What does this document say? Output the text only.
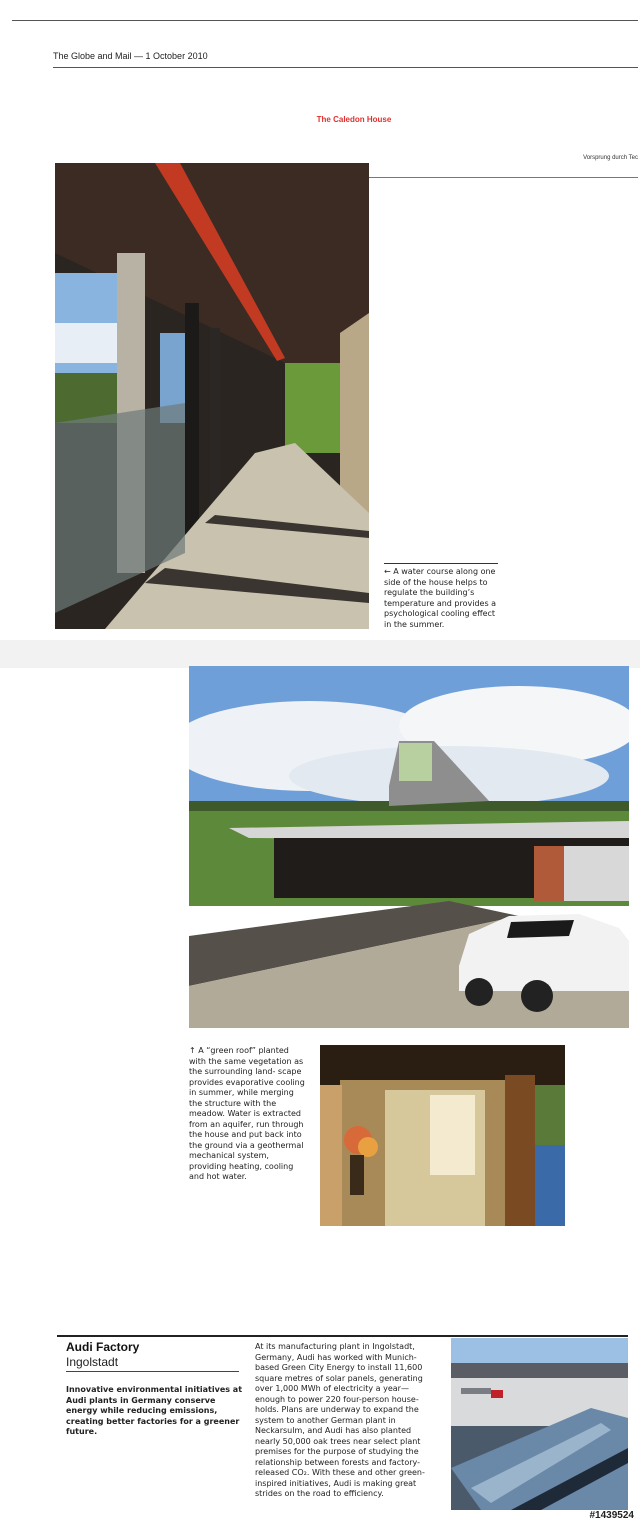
The Globe and Mail — 1 October 2010
The Caledon House
Vorsprung durch Tec
← A water course along one side of the house helps to regulate the building’s temperature and provides a psychological cooling effect in the summer.
↑ A “green roof” planted with the same vegetation as the surrounding land- scape provides evaporative cooling in summer, while merging the structure with the meadow. Water is extracted from an aquifer, run through the house and put back into the ground via a geothermal mechanical system, providing heating, cooling and hot water.
Audi Factory
Ingolstadt
Innovative environmental initiatives at Audi plants in Germany conserve energy while reducing emissions, creating better factories for a greener future.
At its manufacturing plant in Ingolstadt, Germany, Audi has worked with Munich-based Green City Energy to install 11,600 square metres of solar panels, generating over 1,000 MWh of electricity a year—enough to power 220 four-person house- holds. Plans are underway to expand the system to another German plant in Neckarsulm, and Audi has also planted nearly 50,000 oak trees near select plant premises for the purpose of studying the relationship between forests and factory-released CO₂. With these and other green-inspired initiatives, Audi is making great strides on the road to efficiency.
#1439524
